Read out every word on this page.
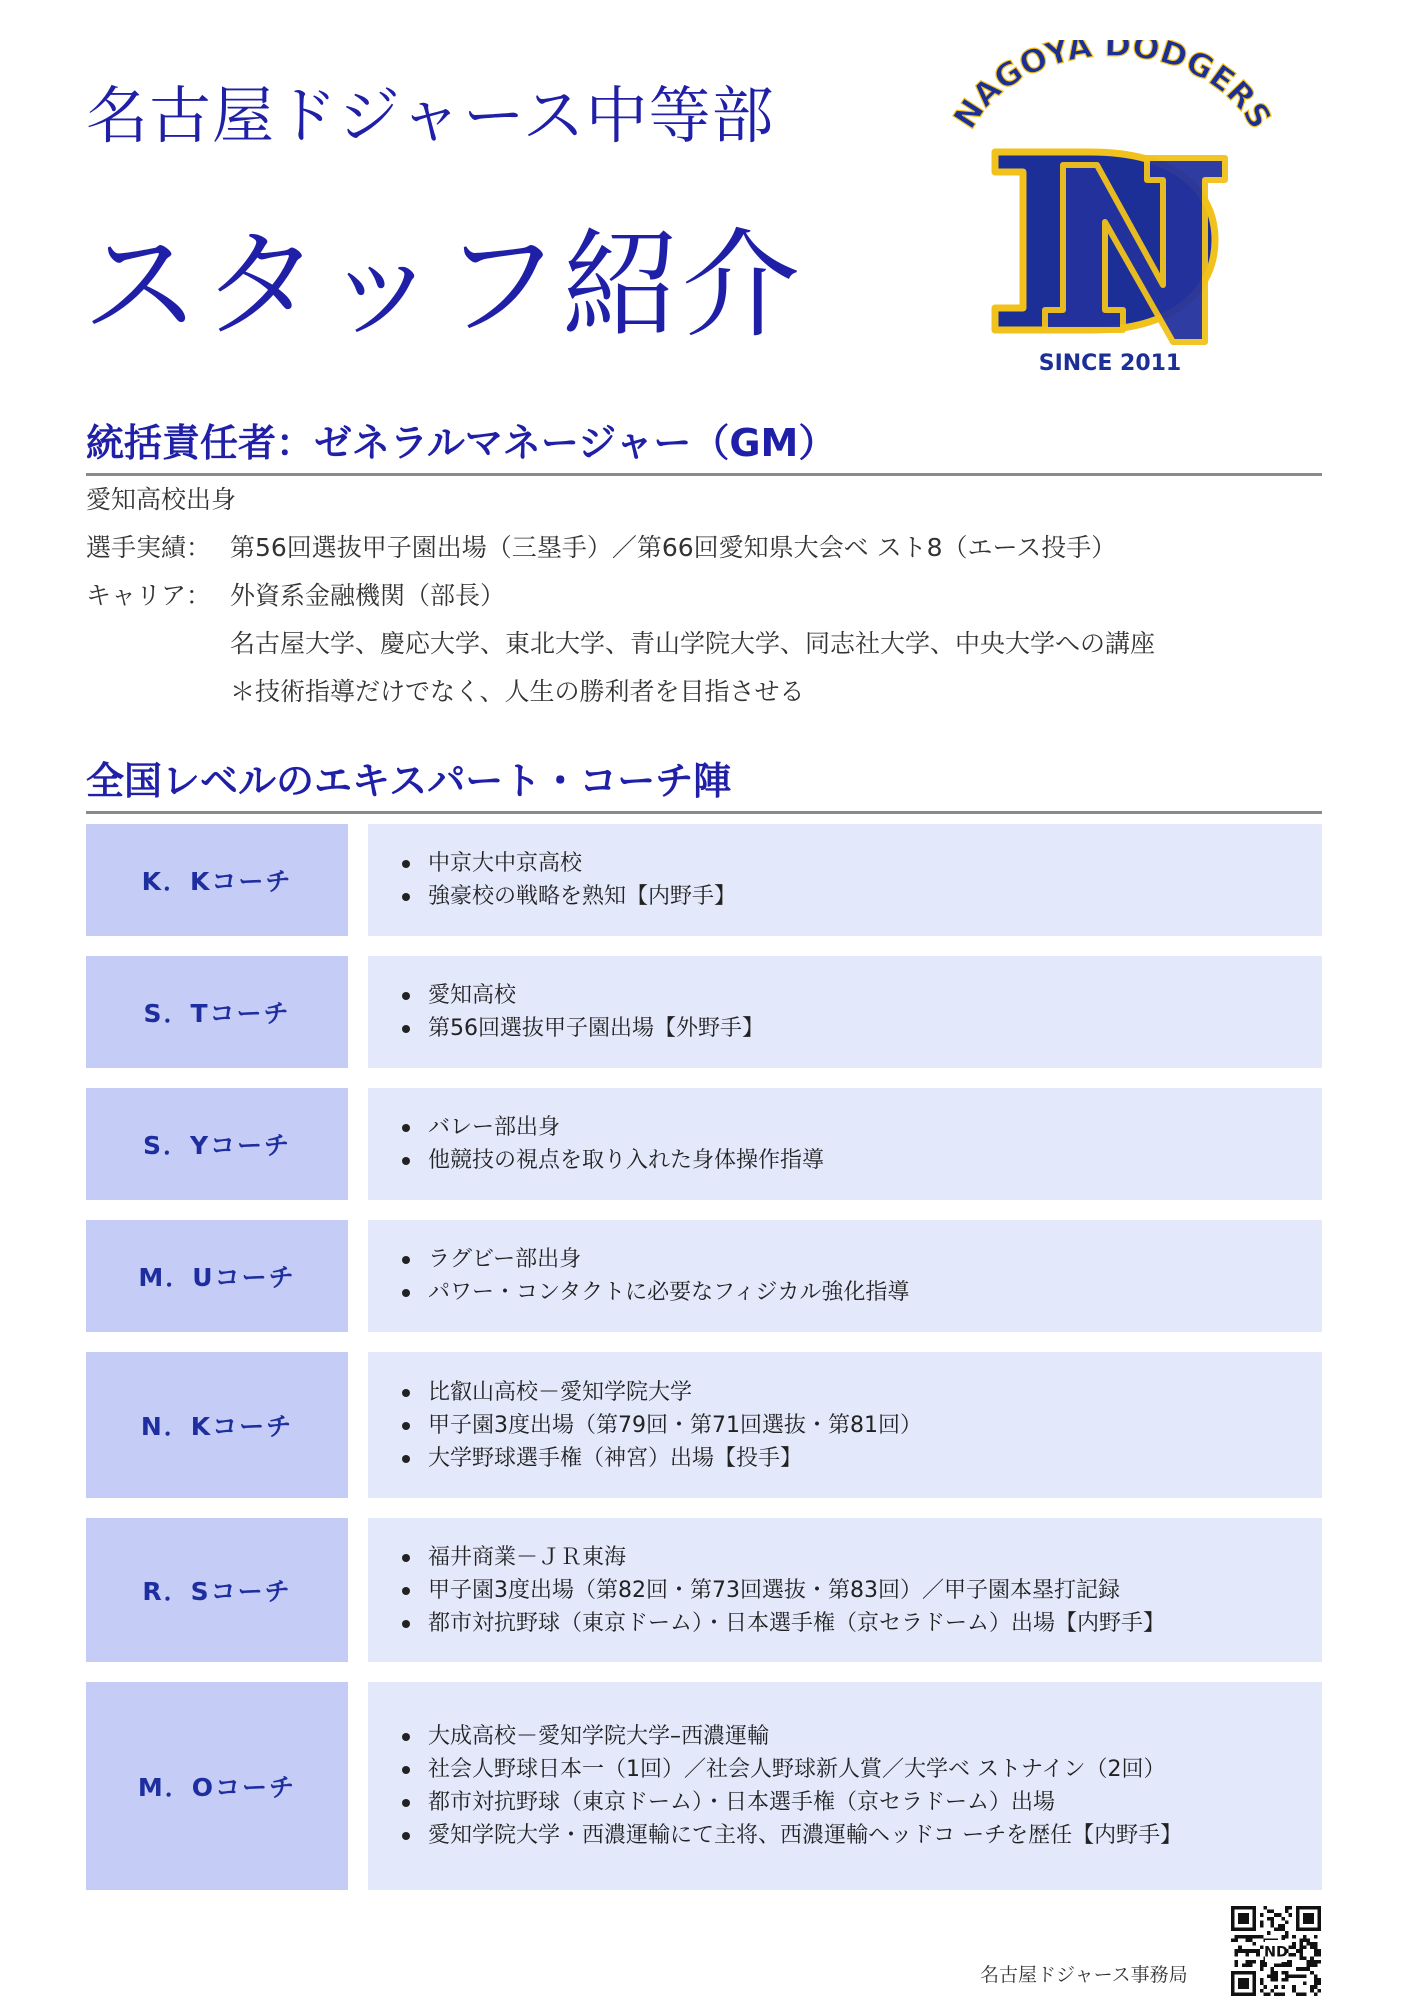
名古屋ドジャース中等部
スタッフ紹介
NAGOYA DODGERS
SINCE 2011
統括責任者：ゼネラルマネージャー（GM）
愛知高校出身
選手実績： 第56回選抜甲子園出場（三塁手）／第66回愛知県大会ベ スト8（エース投手）
キャリア： 外資系金融機関（部長）
名古屋大学、慶応大学、東北大学、青山学院大学、同志社大学、中央大学への講座
＊技術指導だけでなく、人生の勝利者を目指させる
全国レベルのエキスパート・コーチ陣
K．Kコーチ
中京大中京高校
強豪校の戦略を熟知【内野手】
S．Tコーチ
愛知高校
第56回選抜甲子園出場【外野手】
S．Yコーチ
バレー部出身
他競技の視点を取り入れた身体操作指導
M．Uコーチ
ラグビー部出身
パワー・コンタクトに必要なフィジカル強化指導
N．Kコーチ
比叡山高校－愛知学院大学
甲子園3度出場（第79回・第71回選抜・第81回）
大学野球選手権（神宮）出場【投手】
R．Sコーチ
福井商業－ＪＲ東海
甲子園3度出場（第82回・第73回選抜・第83回）／甲子園本塁打記録
都市対抗野球（東京ドーム）・日本選手権（京セラドーム）出場【内野手】
M．Oコーチ
大成高校－愛知学院大学–西濃運輸
社会人野球日本一（1回）／社会人野球新人賞／大学ベ ストナイン（2回）
都市対抗野球（東京ドーム）・日本選手権（京セラドーム）出場
愛知学院大学・西濃運輸にて主将、西濃運輸ヘッドコ ーチを歴任【内野手】
名古屋ドジャース事務局
ND
